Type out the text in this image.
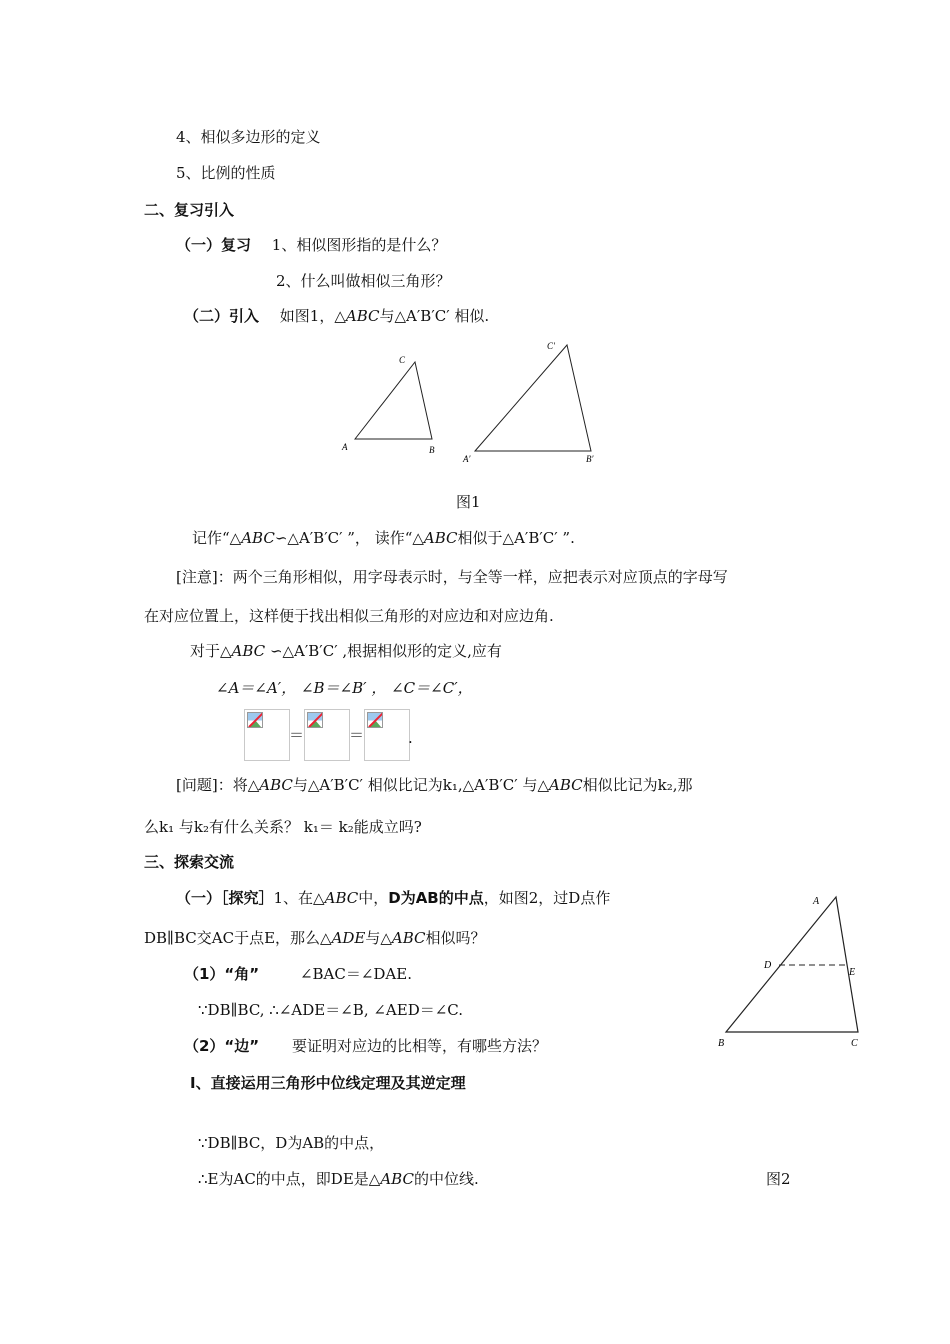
4、相似多边形的定义
5、比例的性质
二、复习引入
（一）复习 1、相似图形指的是什么？
2、什么叫做相似三角形？
（二）引入 如图1，△ABC与△A′B′C′ 相似.
A	B
C
A′	B′
C′
图1
记作“△ABC∽△A′B′C′ ”， 读作“△ABC相似于△A′B′C′ ”.
[注意]：两个三角形相似，用字母表示时，与全等一样，应把表示对应顶点的字母写
在对应位置上，这样便于找出相似三角形的对应边和对应边角.
对于△ABC ∽△A′B′C′ ,根据相似形的定义,应有
∠A＝∠A′， ∠B＝∠B′ ， ∠C＝∠C′，
＝	＝	.
[问题]：将△ABC与△A′B′C′ 相似比记为k₁,△A′B′C′ 与△ABC相似比记为k₂,那
么k₁ 与k₂有什么关系？ k₁＝ k₂能成立吗?
三、探索交流
（一）［探究］1、在△ABC中，D为AB的中点，如图2，过D点作
DB∥BC交AC于点E，那么△ADE与△ABC相似吗？
（1）“角”	∠BAC＝∠DAE.
∵DB∥BC, ∴∠ADE＝∠B, ∠AED＝∠C.
（2）“边” 要证明对应边的比相等，有哪些方法？
Ⅰ、直接运用三角形中位线定理及其逆定理
∵DB∥BC，D为AB的中点，
∴E为AC的中点，即DE是△ABC的中位线.
A
D
E
B	C
图2
